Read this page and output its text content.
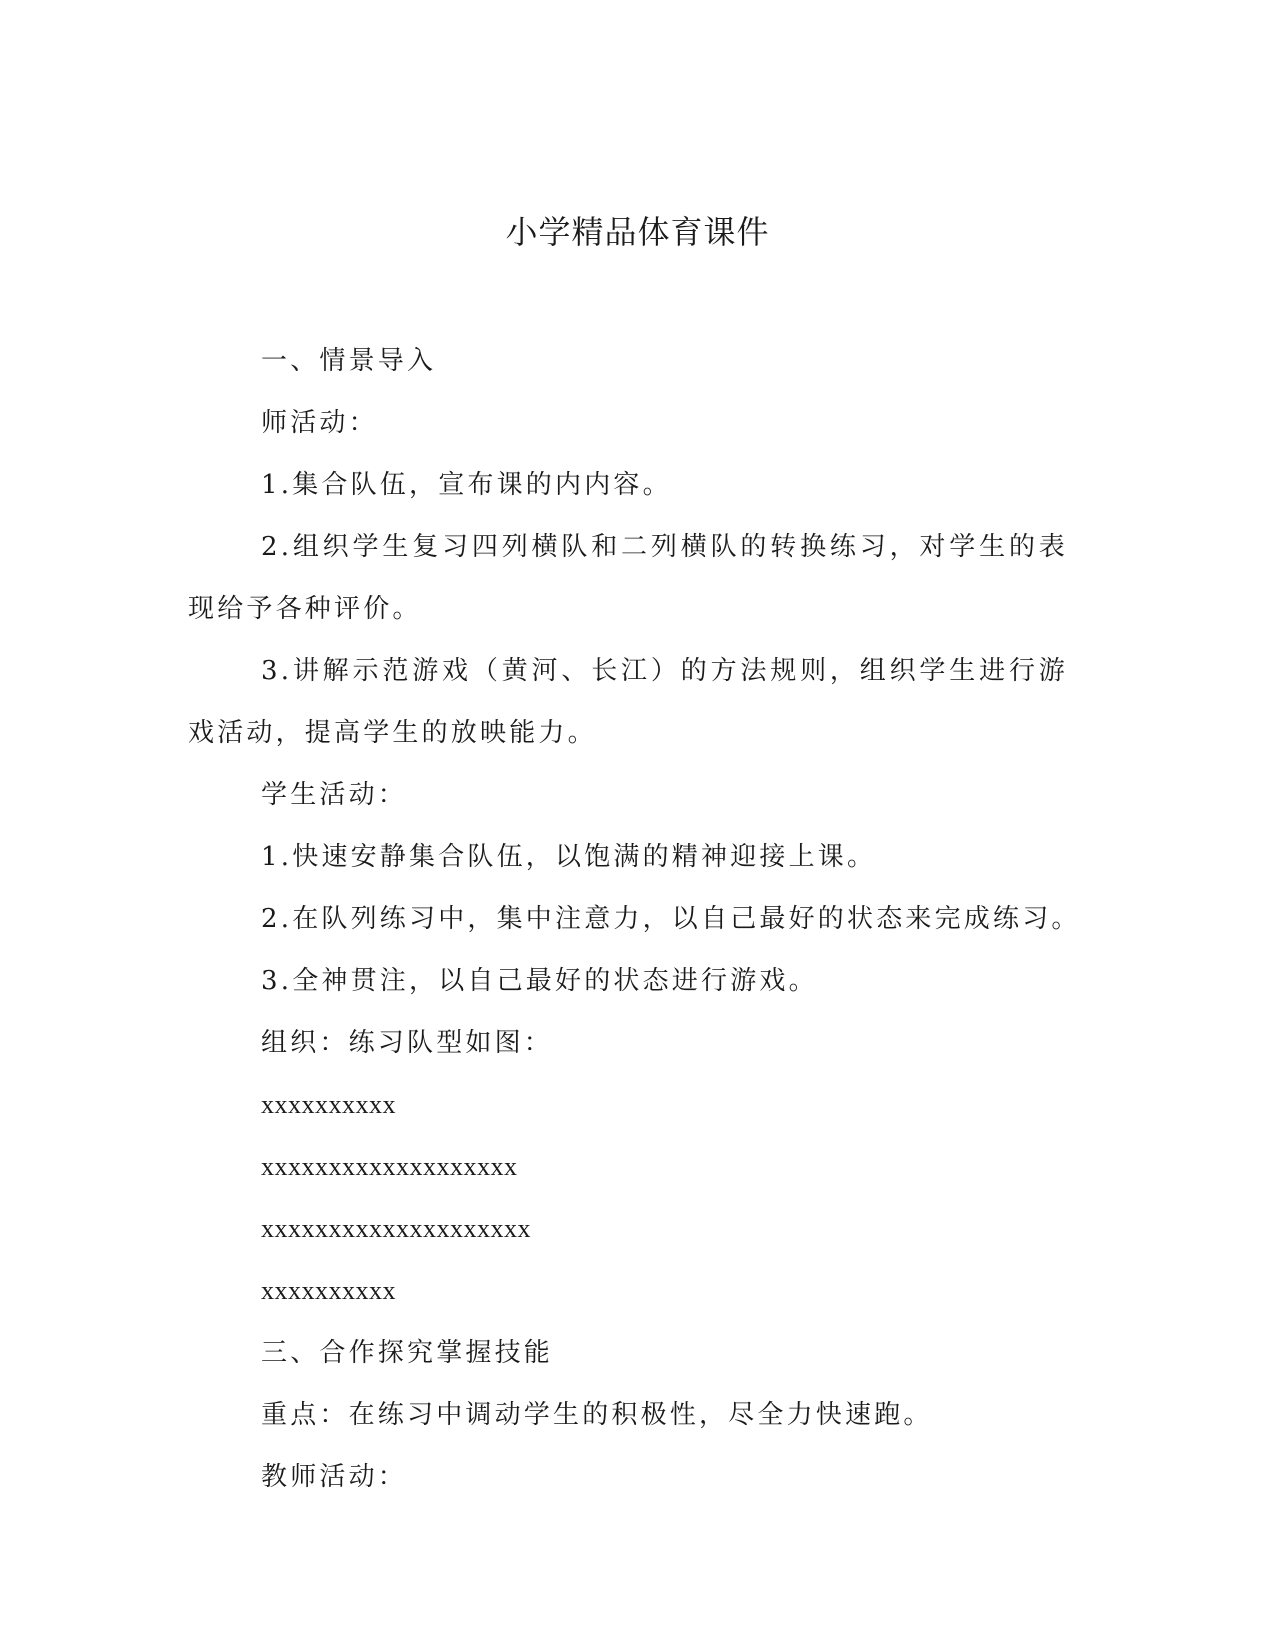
小学精品体育课件

一、情景导入

师活动：

1.集合队伍，宣布课的内内容。

2.组织学生复习四列横队和二列横队的转换练习，对学生的表现给予各种评价。

3.讲解示范游戏（黄河、长江）的方法规则，组织学生进行游戏活动，提高学生的放映能力。

学生活动：

1.快速安静集合队伍，以饱满的精神迎接上课。

2.在队列练习中，集中注意力，以自己最好的状态来完成练习。

3.全神贯注，以自己最好的状态进行游戏。

组织：练习队型如图：

xxxxxxxxxx

xxxxxxxxxxxxxxxxxxx

xxxxxxxxxxxxxxxxxxxx

xxxxxxxxxx

三、合作探究掌握技能

重点：在练习中调动学生的积极性，尽全力快速跑。

教师活动：
